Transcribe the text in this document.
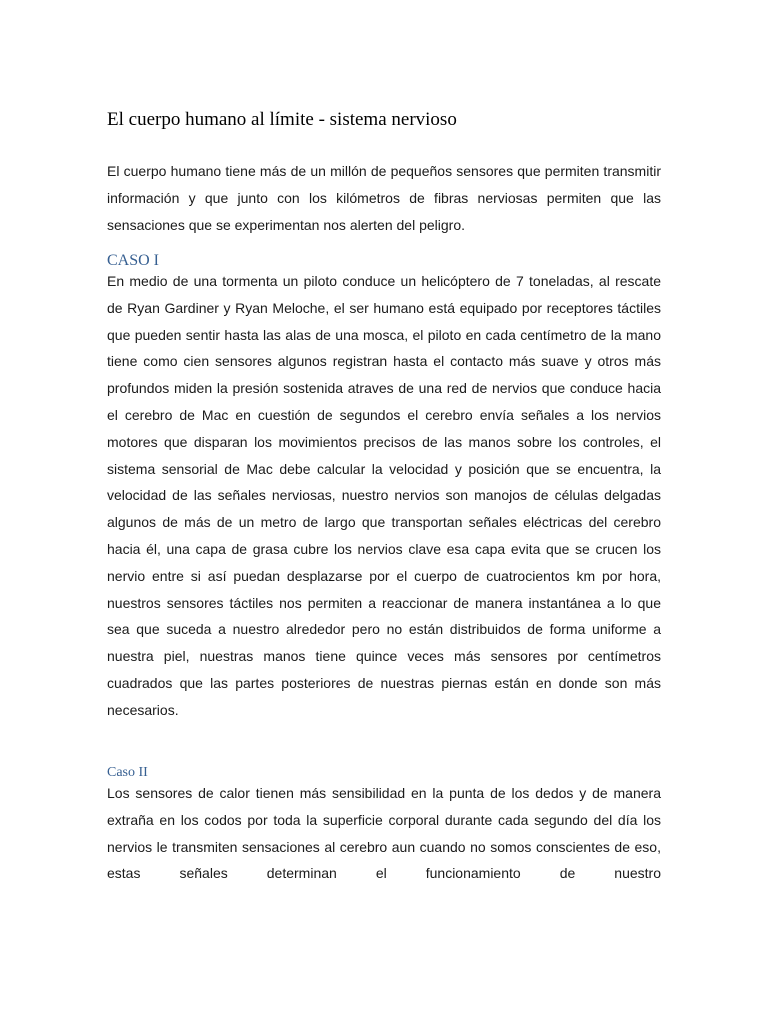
El cuerpo humano al límite - sistema nervioso

El cuerpo humano tiene más de un millón de pequeños sensores que permiten transmitir información y que junto con los kilómetros de fibras nerviosas permiten que las sensaciones que se experimentan nos alerten del peligro.

CASO I

En medio de una tormenta un piloto conduce un helicóptero de 7 toneladas, al rescate de Ryan Gardiner y Ryan Meloche, el ser humano está equipado por receptores táctiles que pueden sentir hasta las alas de una mosca, el piloto en cada centímetro de la mano tiene como cien sensores algunos registran hasta el contacto más suave y otros más profundos miden la presión sostenida atraves de una red de nervios que conduce hacia el cerebro de Mac en cuestión de segundos el cerebro envía señales a los nervios motores que disparan los movimientos precisos de las manos sobre los controles, el sistema sensorial de Mac debe calcular la velocidad y posición que se encuentra, la velocidad de las señales nerviosas, nuestro nervios son manojos de células delgadas algunos de más de un metro de largo que transportan señales eléctricas del cerebro hacia él, una capa de grasa cubre los nervios clave esa capa evita que se crucen los nervio entre si así puedan desplazarse por el cuerpo de cuatrocientos km por hora, nuestros sensores táctiles nos permiten a reaccionar de manera instantánea a lo que sea que suceda a nuestro alrededor pero no están distribuidos de forma uniforme a nuestra piel, nuestras manos tiene quince veces más sensores por centímetros cuadrados que las partes posteriores de nuestras piernas están en donde son más necesarios.

Caso II

Los sensores de calor tienen más sensibilidad en la punta de los dedos y de manera extraña en los codos por toda la superficie corporal durante cada segundo del día los nervios le transmiten sensaciones al cerebro aun cuando no somos conscientes de eso, estas señales determinan el funcionamiento de nuestro
